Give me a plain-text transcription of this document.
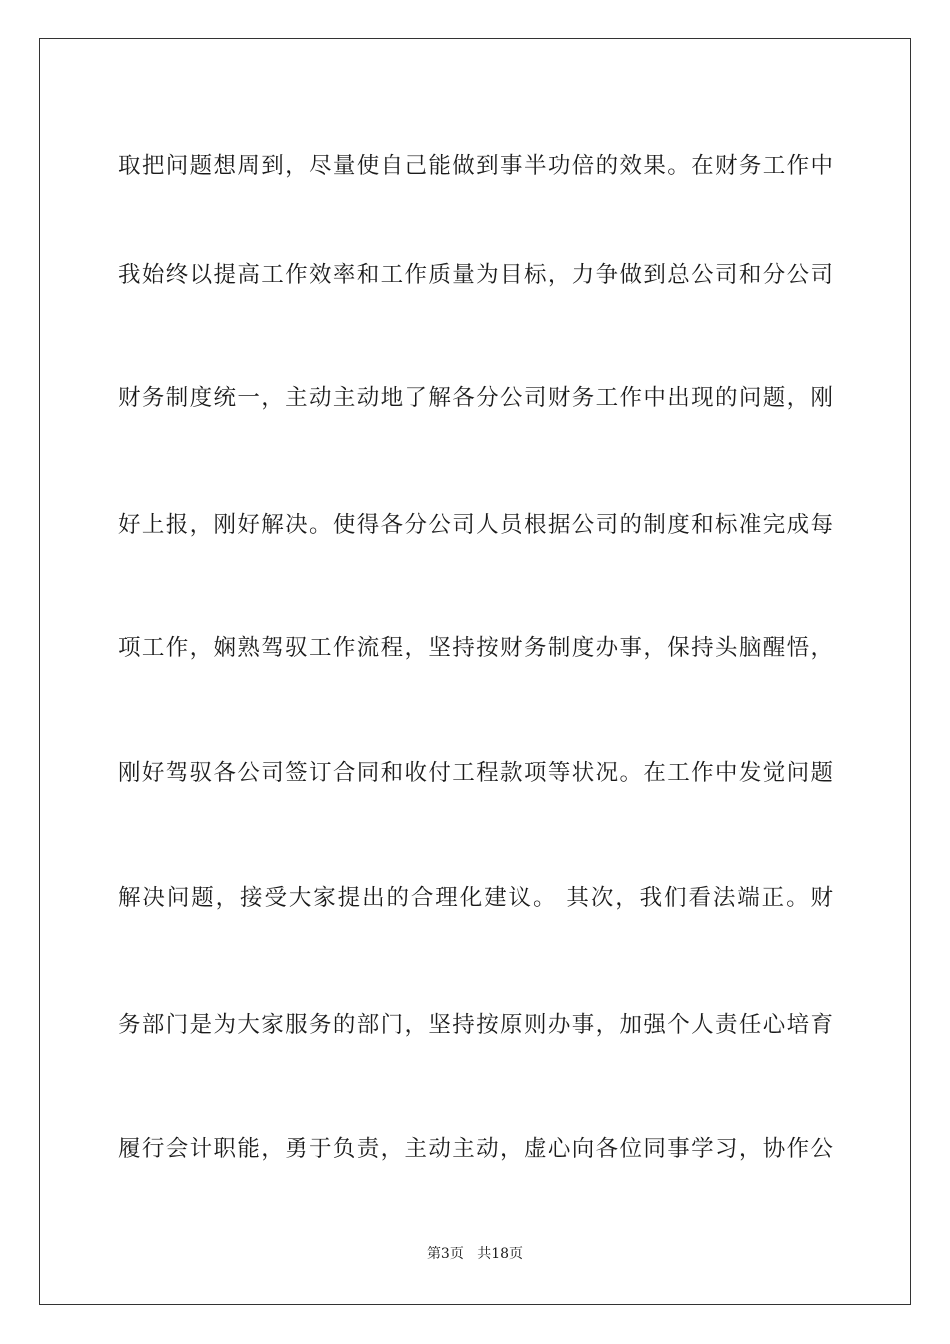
取把问题想周到，尽量使自己能做到事半功倍的效果。在财务工作中
我始终以提高工作效率和工作质量为目标，力争做到总公司和分公司
财务制度统一，主动主动地了解各分公司财务工作中出现的问题，刚
好上报，刚好解决。使得各分公司人员根据公司的制度和标准完成每
项工作，娴熟驾驭工作流程，坚持按财务制度办事，保持头脑醒悟，
刚好驾驭各公司签订合同和收付工程款项等状况。在工作中发觉问题
解决问题，接受大家提出的合理化建议。 其次，我们看法端正。财
务部门是为大家服务的部门，坚持按原则办事，加强个人责任心培育
履行会计职能，勇于负责，主动主动，虚心向各位同事学习，协作公
第3页 共18页
